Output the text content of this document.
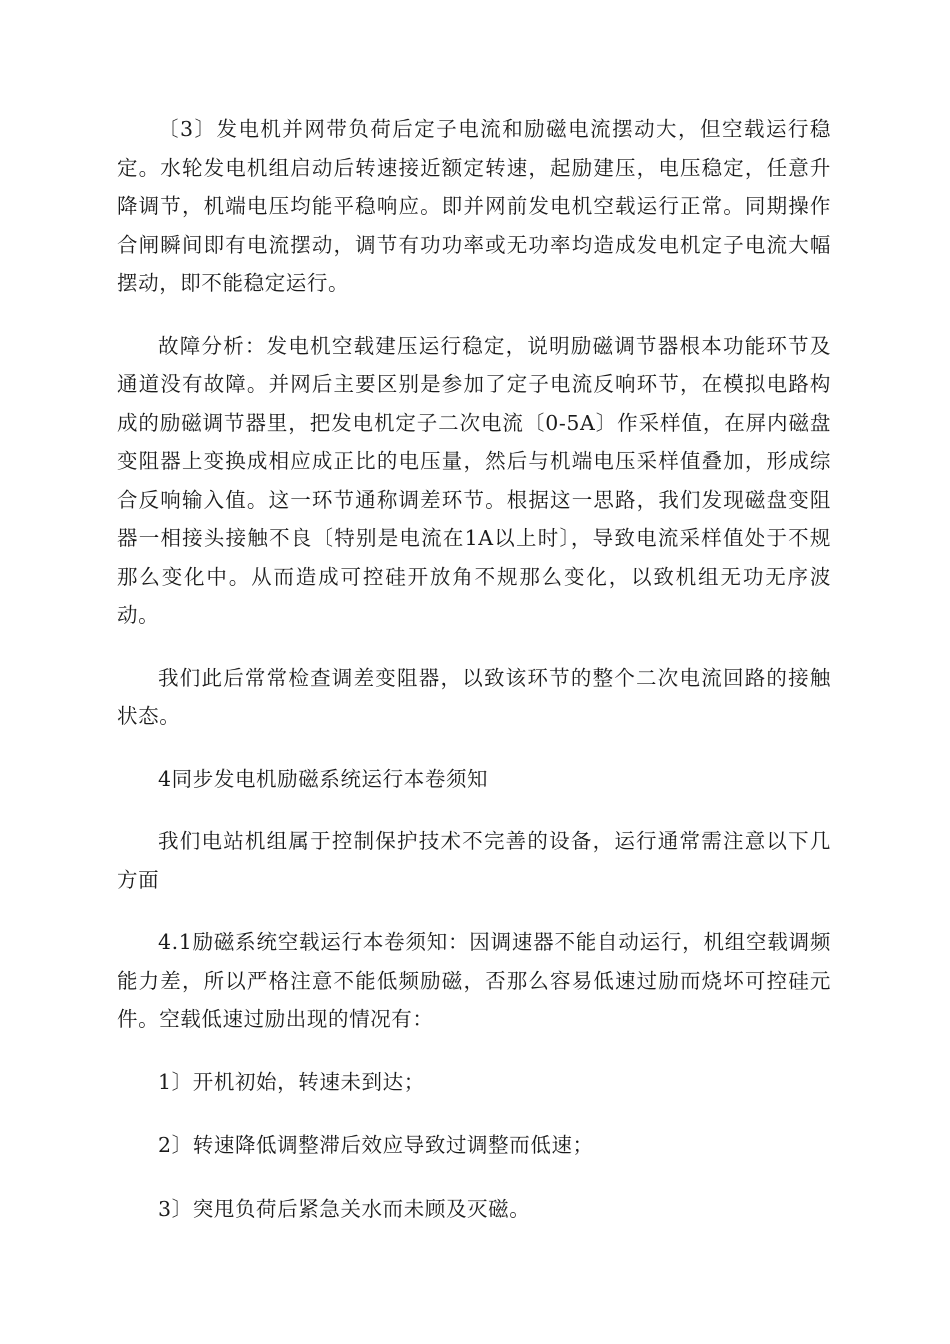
〔3〕发电机并网带负荷后定子电流和励磁电流摆动大，但空载运行稳定。水轮发电机组启动后转速接近额定转速，起励建压，电压稳定，任意升降调节，机端电压均能平稳响应。即并网前发电机空载运行正常。同期操作合闸瞬间即有电流摆动，调节有功功率或无功率均造成发电机定子电流大幅摆动，即不能稳定运行。

故障分析：发电机空载建压运行稳定，说明励磁调节器根本功能环节及通道没有故障。并网后主要区别是参加了定子电流反响环节，在模拟电路构成的励磁调节器里，把发电机定子二次电流〔0-5A〕作采样值，在屏内磁盘变阻器上变换成相应成正比的电压量，然后与机端电压采样值叠加，形成综合反响输入值。这一环节通称调差环节。根据这一思路，我们发现磁盘变阻器一相接头接触不良〔特别是电流在1A以上时〕，导致电流采样值处于不规那么变化中。从而造成可控硅开放角不规那么变化，以致机组无功无序波动。

我们此后常常检查调差变阻器，以致该环节的整个二次电流回路的接触状态。

4同步发电机励磁系统运行本卷须知

我们电站机组属于控制保护技术不完善的设备，运行通常需注意以下几方面

4.1励磁系统空载运行本卷须知：因调速器不能自动运行，机组空载调频能力差，所以严格注意不能低频励磁，否那么容易低速过励而烧坏可控硅元件。空载低速过励出现的情况有：

1〕开机初始，转速未到达；

2〕转速降低调整滞后效应导致过调整而低速；

3〕突甩负荷后紧急关水而未顾及灭磁。
